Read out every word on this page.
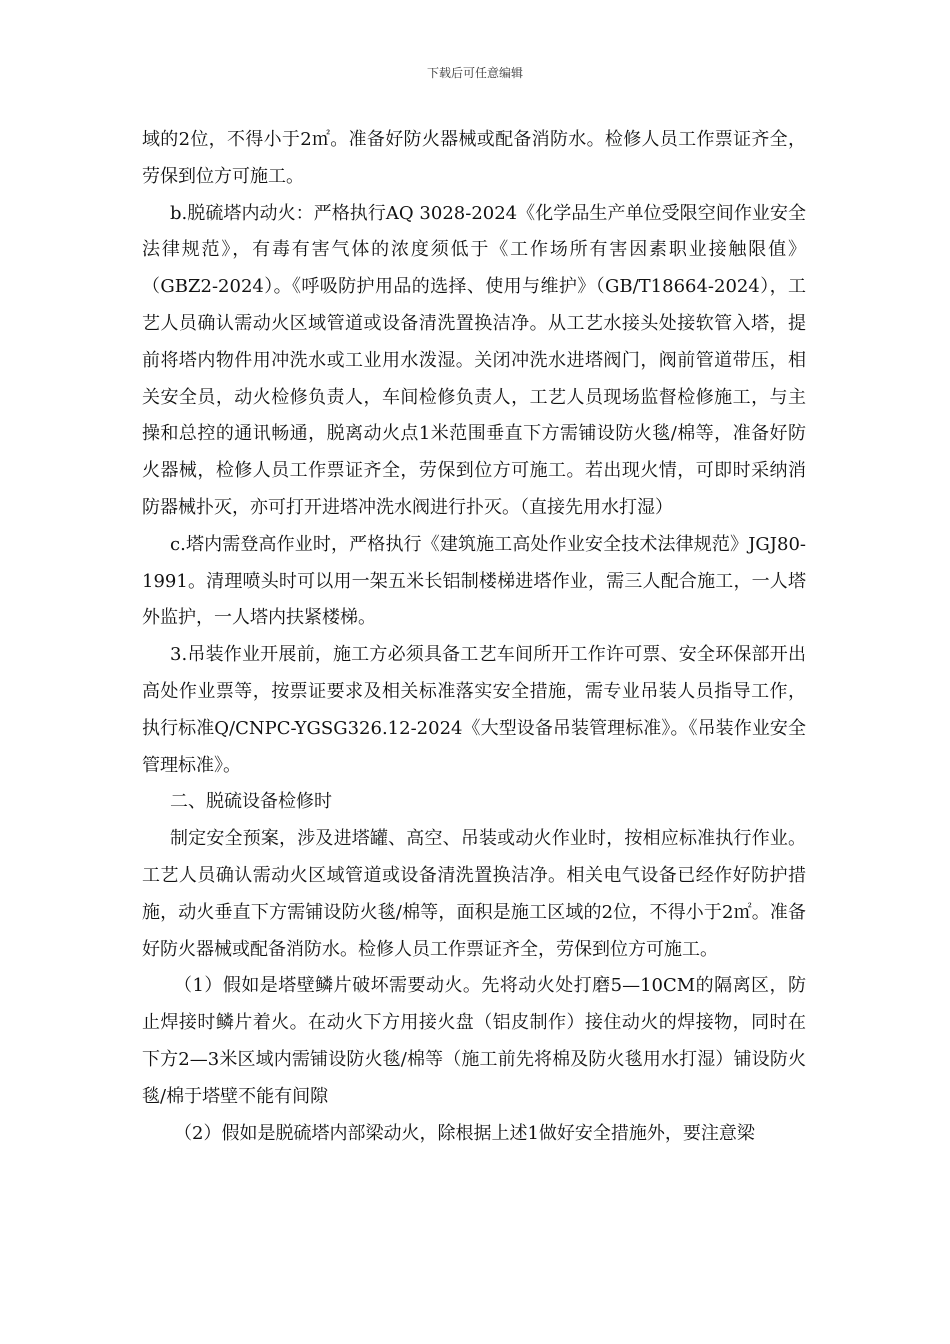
下载后可任意编辑

域的2位，不得小于2㎡。准备好防火器械或配备消防水。检修人员工作票证齐全，劳保到位方可施工。

b.脱硫塔内动火：严格执行AQ 3028-2024《化学品生产单位受限空间作业安全法律规范》，有毒有害气体的浓度须低于《工作场所有害因素职业接触限值》（GBZ2-2024）。《呼吸防护用品的选择、使用与维护》（GB/T18664-2024），工艺人员确认需动火区域管道或设备清洗置换洁净。从工艺水接头处接软管入塔，提前将塔内物件用冲洗水或工业用水泼湿。关闭冲洗水进塔阀门，阀前管道带压，相关安全员，动火检修负责人，车间检修负责人，工艺人员现场监督检修施工，与主操和总控的通讯畅通，脱离动火点1米范围垂直下方需铺设防火毯/棉等，准备好防火器械，检修人员工作票证齐全，劳保到位方可施工。若出现火情，可即时采纳消防器械扑灭，亦可打开进塔冲洗水阀进行扑灭。（直接先用水打湿）

c.塔内需登高作业时，严格执行《建筑施工高处作业安全技术法律规范》JGJ80-1991。清理喷头时可以用一架五米长铝制楼梯进塔作业，需三人配合施工，一人塔外监护，一人塔内扶紧楼梯。

3.吊装作业开展前，施工方必须具备工艺车间所开工作许可票、安全环保部开出高处作业票等，按票证要求及相关标准落实安全措施，需专业吊装人员指导工作，执行标准Q/CNPC-YGSG326.12-2024《大型设备吊装管理标准》。《吊装作业安全管理标准》。

二、脱硫设备检修时

制定安全预案，涉及进塔罐、高空、吊装或动火作业时，按相应标准执行作业。工艺人员确认需动火区域管道或设备清洗置换洁净。相关电气设备已经作好防护措施，动火垂直下方需铺设防火毯/棉等，面积是施工区域的2位，不得小于2㎡。准备好防火器械或配备消防水。检修人员工作票证齐全，劳保到位方可施工。

（1）假如是塔壁鳞片破坏需要动火。先将动火处打磨5—10CM的隔离区，防止焊接时鳞片着火。在动火下方用接火盘（铝皮制作）接住动火的焊接物，同时在下方2—3米区域内需铺设防火毯/棉等（施工前先将棉及防火毯用水打湿）铺设防火毯/棉于塔壁不能有间隙

（2）假如是脱硫塔内部梁动火，除根据上述1做好安全措施外，要注意梁
